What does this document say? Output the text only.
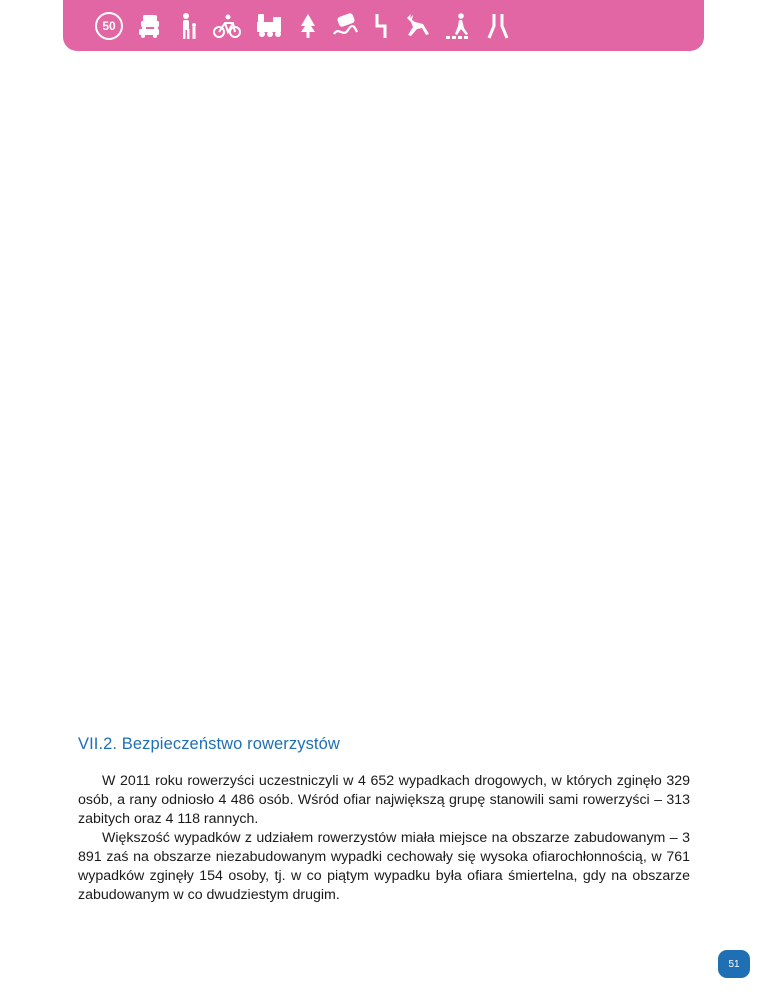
50
VII.2. Bezpieczeństwo rowerzystów

W 2011 roku rowerzyści uczestniczyli w 4 652 wypadkach drogowych, w których zginęło 329 osób, a rany odniosło 4 486 osób. Wśród ofiar największą grupę stanowili sami rowerzyści – 313 zabitych oraz 4 118 rannych.

Większość wypadków z udziałem rowerzystów miała miejsce na obszarze zabudowanym – 3 891 zaś na obszarze niezabudowanym wypadki cechowały się wysoka ofiarochłonnością, w 761 wypadków zginęły 154 osoby, tj. w co piątym wypadku była ofiara śmiertelna, gdy na obszarze zabudowanym w co dwudziestym drugim.

51
